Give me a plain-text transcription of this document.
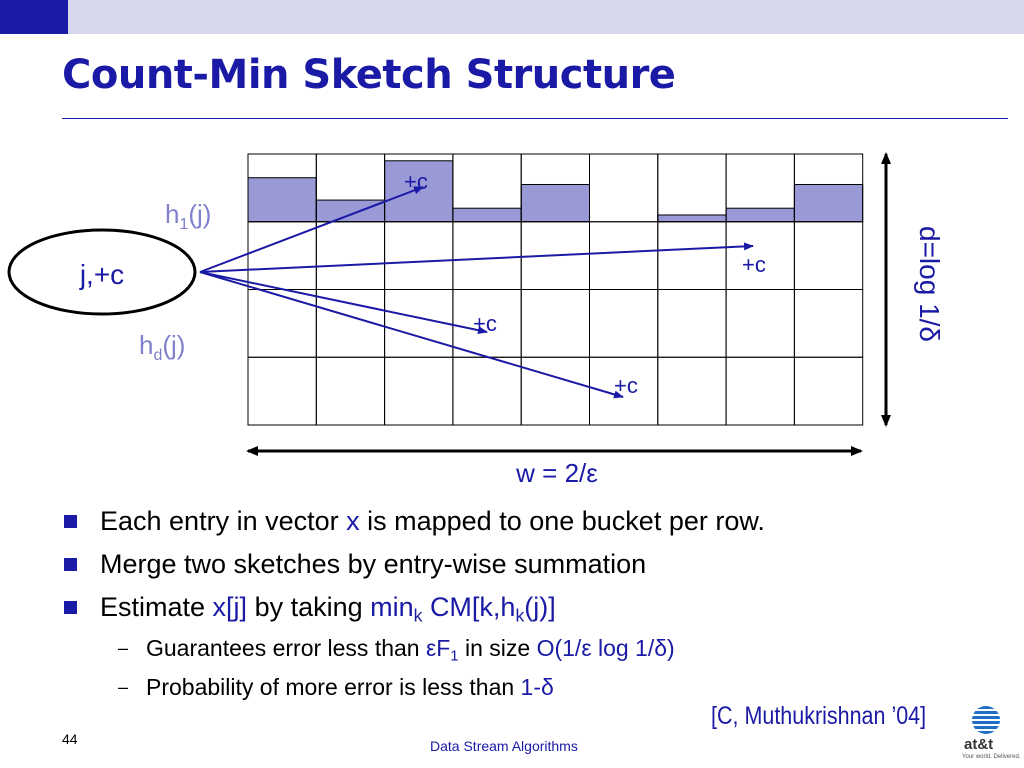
Count-Min Sketch Structure
j,+c
$h_1(j)$
$h_d(j)$
+c
+c
+c
+c
w = 2/ε
d=log 1/δ
Each entry in vector x is mapped to one bucket per row.
Merge two sketches by entry-wise summation
Estimate x[j] by taking $\min_k CM[k,h_k(j)]$
– Guarantees error less than $\varepsilon F_1$ in size O(1/ε log 1/δ)
– Probability of more error is less than 1-δ
[C, Muthukrishnan ’04]
44	Data Stream Algorithms	at&t
Your world. Delivered.
